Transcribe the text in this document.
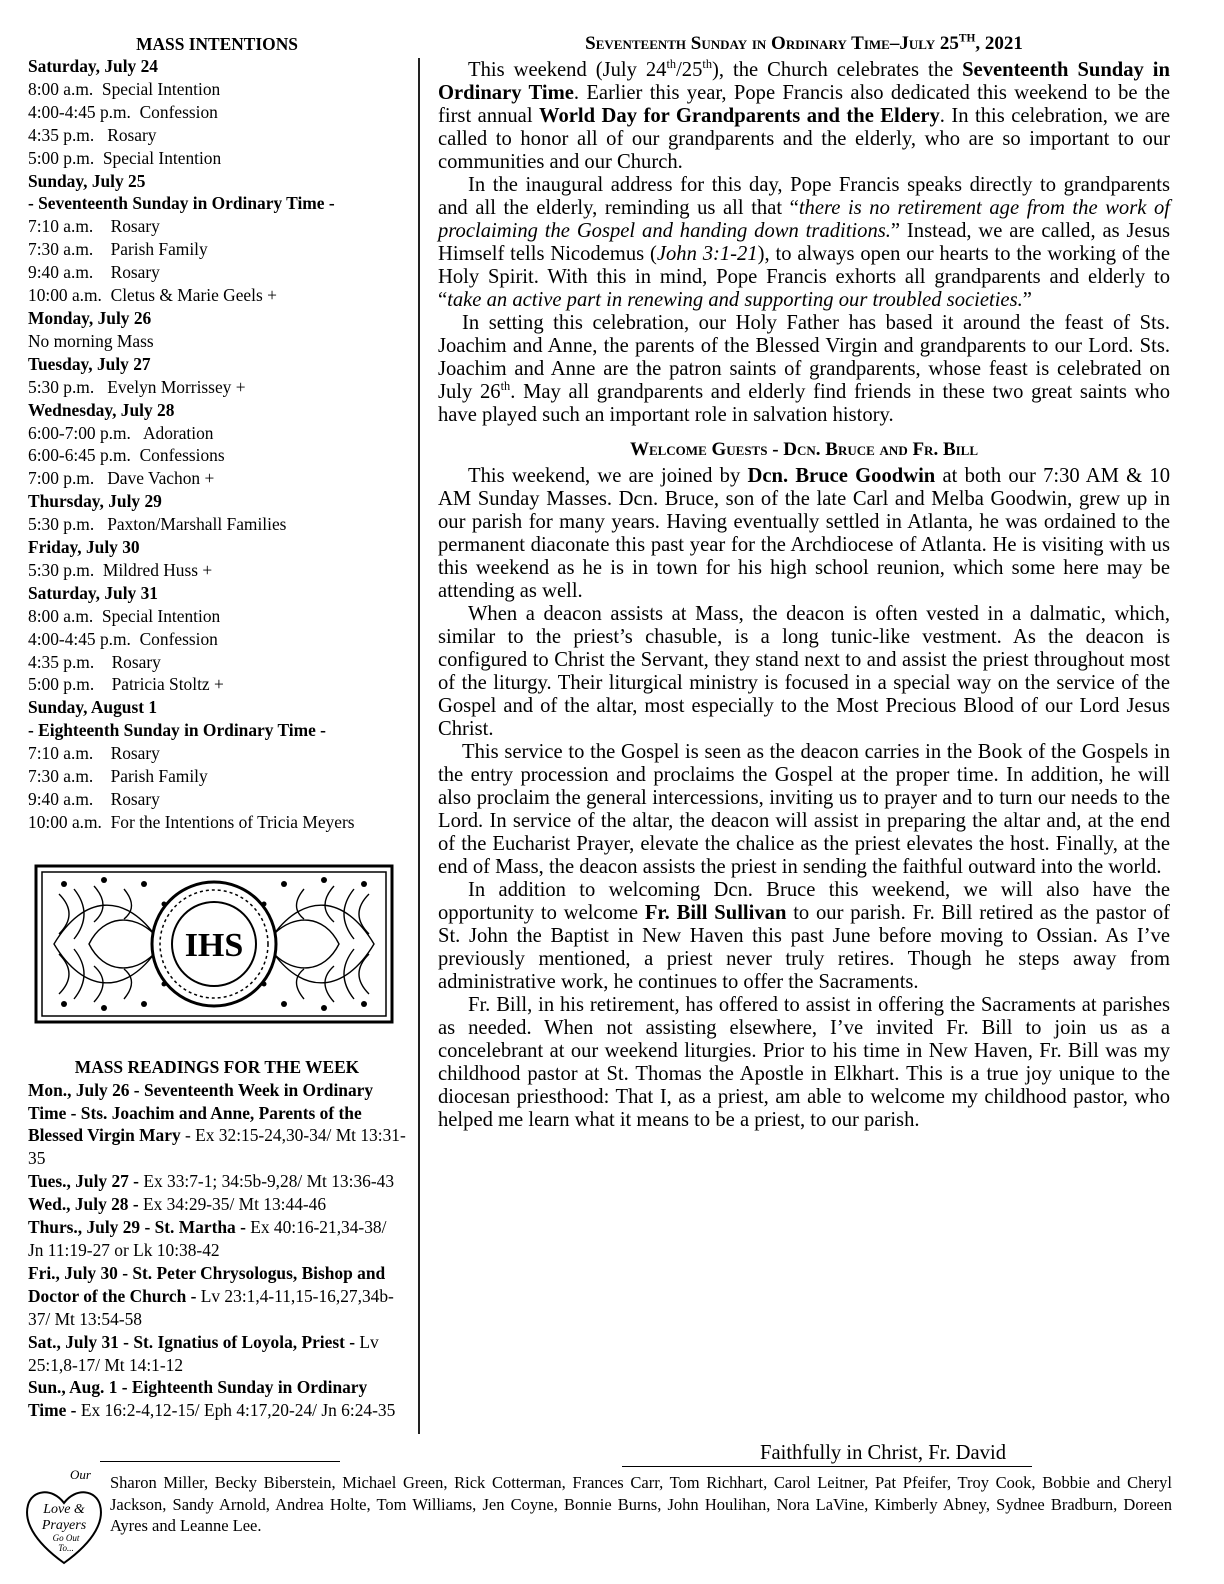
MASS INTENTIONS
Saturday, July 24
8:00 a.m.  Special Intention
4:00-4:45 p.m.  Confession
4:35 p.m.   Rosary
5:00 p.m.  Special Intention
Sunday, July 25
- Seventeenth Sunday in Ordinary Time -
7:10 a.m.    Rosary
7:30 a.m.    Parish Family
9:40 a.m.    Rosary
10:00 a.m.  Cletus & Marie Geels +
Monday, July 26
No morning Mass
Tuesday, July 27
5:30 p.m.   Evelyn Morrissey +
Wednesday, July 28
6:00-7:00 p.m.   Adoration
6:00-6:45 p.m.  Confessions
7:00 p.m.   Dave Vachon +
Thursday, July 29
5:30 p.m.   Paxton/Marshall Families
Friday, July 30
5:30 p.m.  Mildred Huss +
Saturday, July 31
8:00 a.m.  Special Intention
4:00-4:45 p.m.  Confession
4:35 p.m.    Rosary
5:00 p.m.    Patricia Stoltz +
Sunday, August 1
- Eighteenth Sunday in Ordinary Time -
7:10 a.m.    Rosary
7:30 a.m.    Parish Family
9:40 a.m.    Rosary
10:00 a.m.  For the Intentions of Tricia Meyers
IHS
MASS READINGS FOR THE WEEK
Mon., July 26 - Seventeenth Week in Ordinary Time - Sts. Joachim and Anne, Parents of the Blessed Virgin Mary - Ex 32:15-24,30-34/ Mt 13:31-35
Tues., July 27 - Ex 33:7-1; 34:5b-9,28/ Mt 13:36-43
Wed., July 28 - Ex 34:29-35/ Mt 13:44-46
Thurs., July 29 - St. Martha - Ex 40:16-21,34-38/ Jn 11:19-27 or Lk 10:38-42
Fri., July 30 - St. Peter Chrysologus, Bishop and Doctor of the Church - Lv 23:1,4-11,15-16,27,34b-37/ Mt 13:54-58
Sat., July 31 - St. Ignatius of Loyola, Priest - Lv 25:1,8-17/ Mt 14:1-12
Sun., Aug. 1 - Eighteenth Sunday in Ordinary Time - Ex 16:2-4,12-15/ Eph 4:17,20-24/ Jn 6:24-35
Seventeenth Sunday in Ordinary Time–July 25TH, 2021

This weekend (July 24th/25th), the Church celebrates the Seventeenth Sunday in Ordinary Time. Earlier this year, Pope Francis also dedicated this weekend to be the first annual World Day for Grandparents and the Eldery. In this celebration, we are called to honor all of our grandparents and the elderly, who are so important to our communities and our Church.

In the inaugural address for this day, Pope Francis speaks directly to grandparents and all the elderly, reminding us all that “there is no retirement age from the work of proclaiming the Gospel and handing down traditions.” Instead, we are called, as Jesus Himself tells Nicodemus (John 3:1-21), to always open our hearts to the working of the Holy Spirit. With this in mind, Pope Francis exhorts all grandparents and elderly to “take an active part in renewing and supporting our troubled societies.”

In setting this celebration, our Holy Father has based it around the feast of Sts. Joachim and Anne, the parents of the Blessed Virgin and grandparents to our Lord. Sts. Joachim and Anne are the patron saints of grandparents, whose feast is celebrated on July 26th. May all grandparents and elderly find friends in these two great saints who have played such an important role in salvation history.

Welcome Guests - Dcn. Bruce and Fr. Bill

This weekend, we are joined by Dcn. Bruce Goodwin at both our 7:30 AM & 10 AM Sunday Masses. Dcn. Bruce, son of the late Carl and Melba Goodwin, grew up in our parish for many years. Having eventually settled in Atlanta, he was ordained to the permanent diaconate this past year for the Archdiocese of Atlanta. He is visiting with us this weekend as he is in town for his high school reunion, which some here may be attending as well.

When a deacon assists at Mass, the deacon is often vested in a dalmatic, which, similar to the priest’s chasuble, is a long tunic-like vestment. As the deacon is configured to Christ the Servant, they stand next to and assist the priest throughout most of the liturgy. Their liturgical ministry is focused in a special way on the service of the Gospel and of the altar, most especially to the Most Precious Blood of our Lord Jesus Christ.

This service to the Gospel is seen as the deacon carries in the Book of the Gospels in the entry procession and proclaims the Gospel at the proper time. In addition, he will also proclaim the general intercessions, inviting us to prayer and to turn our needs to the Lord. In service of the altar, the deacon will assist in preparing the altar and, at the end of the Eucharist Prayer, elevate the chalice as the priest elevates the host. Finally, at the end of Mass, the deacon assists the priest in sending the faithful outward into the world.

In addition to welcoming Dcn. Bruce this weekend, we will also have the opportunity to welcome Fr. Bill Sullivan to our parish. Fr. Bill retired as the pastor of St. John the Baptist in New Haven this past June before moving to Ossian. As I’ve previously mentioned, a priest never truly retires. Though he steps away from administrative work, he continues to offer the Sacraments.

Fr. Bill, in his retirement, has offered to assist in offering the Sacraments at parishes as needed. When not assisting elsewhere, I’ve invited Fr. Bill to join us as a concelebrant at our weekend liturgies. Prior to his time in New Haven, Fr. Bill was my childhood pastor at St. Thomas the Apostle in Elkhart. This is a true joy unique to the diocesan priesthood: That I, as a priest, am able to welcome my childhood pastor, who helped me learn what it means to be a priest, to our parish.

Faithfully in Christ, Fr. David
Our
Love &
Prayers
Go Out
To...
Sharon Miller, Becky Biberstein, Michael Green, Rick Cotterman, Frances Carr, Tom Richhart, Carol Leitner, Pat Pfeifer, Troy Cook, Bobbie and Cheryl Jackson, Sandy Arnold, Andrea Holte, Tom Williams, Jen Coyne, Bonnie Burns, John Houlihan, Nora LaVine, Kimberly Abney, Sydnee Bradburn, Doreen Ayres and Leanne Lee.
